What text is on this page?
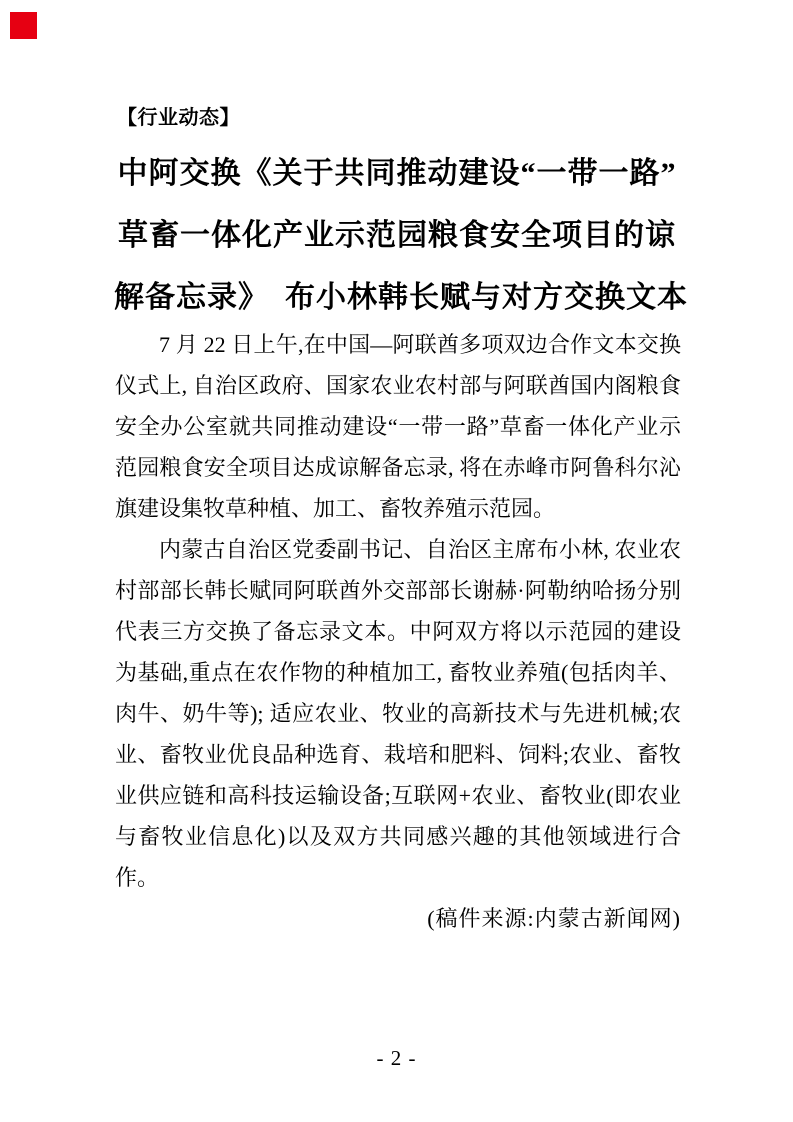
【行业动态】
中阿交换《关于共同推动建设“一带一路”
草畜一体化产业示范园粮食安全项目的谅
解备忘录》　布小林韩长赋与对方交换文本

7 月 22 日上午,在中国—阿联酋多项双边合作文本交换仪式上, 自治区政府、国家农业农村部与阿联酋国内阁粮食安全办公室就共同推动建设“一带一路”草畜一体化产业示范园粮食安全项目达成谅解备忘录, 将在赤峰市阿鲁科尔沁旗建设集牧草种植、加工、畜牧养殖示范园。

内蒙古自治区党委副书记、自治区主席布小林, 农业农村部部长韩长赋同阿联酋外交部部长谢赫·阿勒纳哈扬分别代表三方交换了备忘录文本。中阿双方将以示范园的建设为基础,重点在农作物的种植加工, 畜牧业养殖(包括肉羊、肉牛、奶牛等); 适应农业、牧业的高新技术与先进机械;农业、畜牧业优良品种选育、栽培和肥料、饲料;农业、畜牧业供应链和高科技运输设备;互联网+农业、畜牧业(即农业与畜牧业信息化)以及双方共同感兴趣的其他领域进行合作。

(稿件来源:内蒙古新闻网)
- 2 -
